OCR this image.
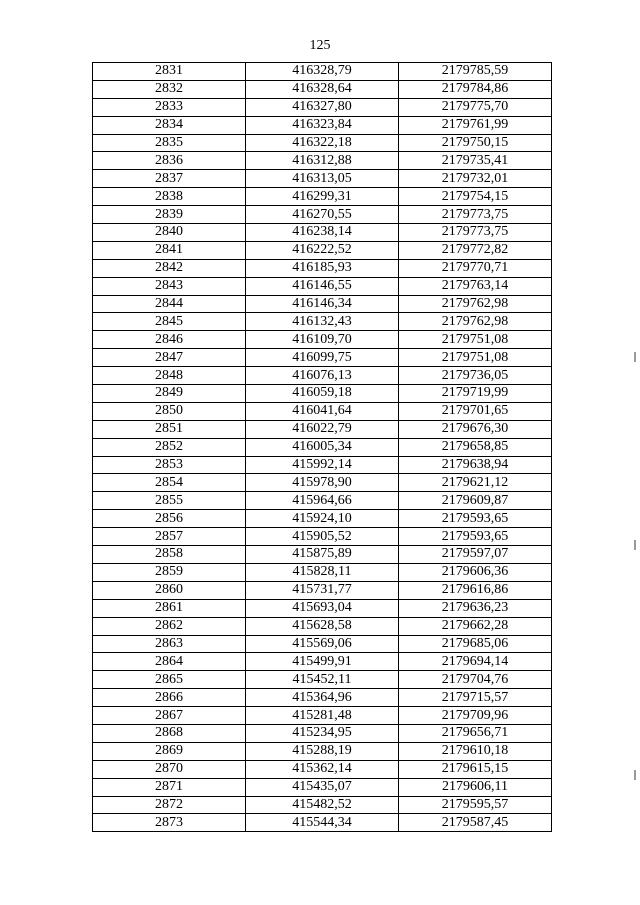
125
2831	416328,79	2179785,59
2832	416328,64	2179784,86
2833	416327,80	2179775,70
2834	416323,84	2179761,99
2835	416322,18	2179750,15
2836	416312,88	2179735,41
2837	416313,05	2179732,01
2838	416299,31	2179754,15
2839	416270,55	2179773,75
2840	416238,14	2179773,75
2841	416222,52	2179772,82
2842	416185,93	2179770,71
2843	416146,55	2179763,14
2844	416146,34	2179762,98
2845	416132,43	2179762,98
2846	416109,70	2179751,08
2847	416099,75	2179751,08
2848	416076,13	2179736,05
2849	416059,18	2179719,99
2850	416041,64	2179701,65
2851	416022,79	2179676,30
2852	416005,34	2179658,85
2853	415992,14	2179638,94
2854	415978,90	2179621,12
2855	415964,66	2179609,87
2856	415924,10	2179593,65
2857	415905,52	2179593,65
2858	415875,89	2179597,07
2859	415828,11	2179606,36
2860	415731,77	2179616,86
2861	415693,04	2179636,23
2862	415628,58	2179662,28
2863	415569,06	2179685,06
2864	415499,91	2179694,14
2865	415452,11	2179704,76
2866	415364,96	2179715,57
2867	415281,48	2179709,96
2868	415234,95	2179656,71
2869	415288,19	2179610,18
2870	415362,14	2179615,15
2871	415435,07	2179606,11
2872	415482,52	2179595,57
2873	415544,34	2179587,45
